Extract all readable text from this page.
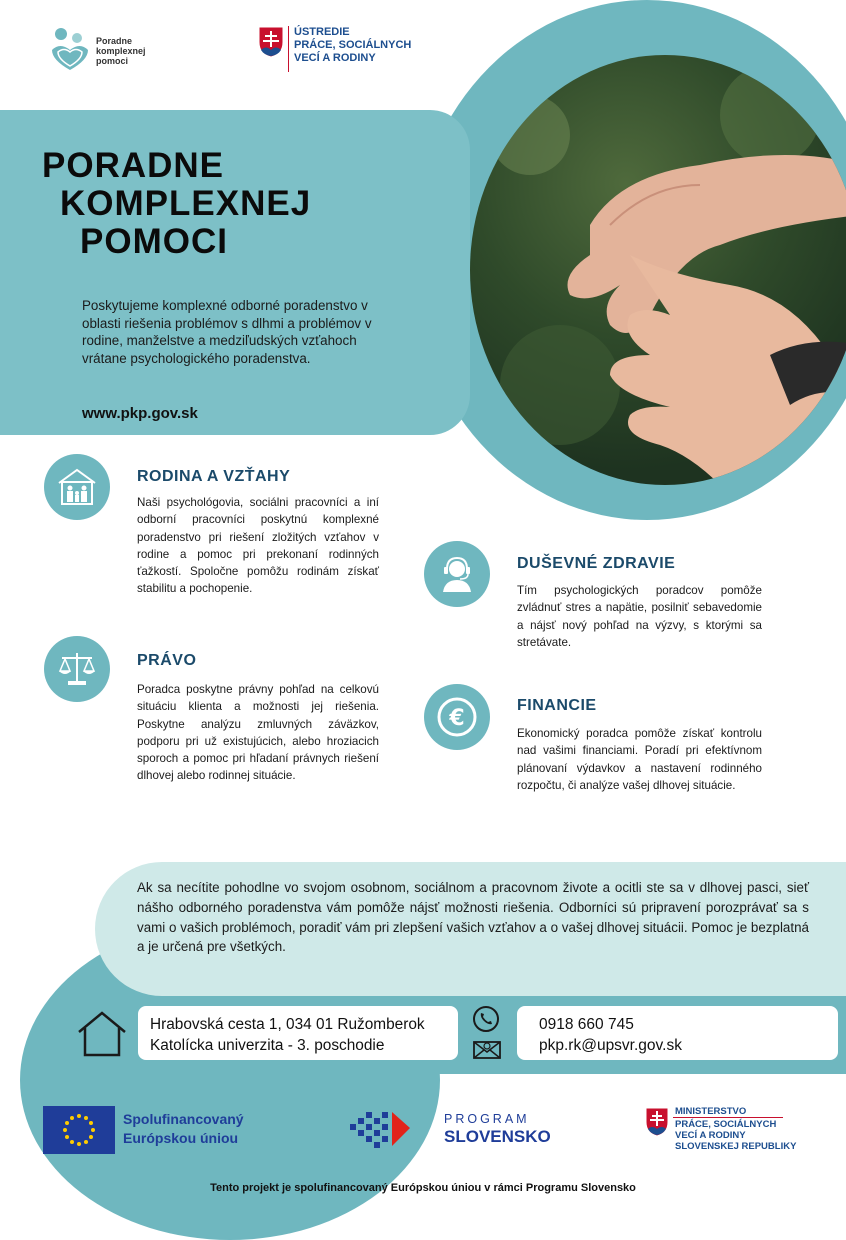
Poradne
komplexnej
pomoci
ÚSTREDIE
PRÁCE, SOCIÁLNYCH
VECÍ A RODINY
PORADNE
KOMPLEXNEJ
POMOCI
Poskytujeme komplexné odborné poradenstvo v oblasti riešenia problémov s dlhmi a problémov v rodine, manželstve a medziľudských vzťahoch vrátane psychologického poradenstva.
www.pkp.gov.sk
RODINA A VZŤAHY
Naši psychológovia, sociálni pracovníci a iní odborní pracovníci poskytnú komplexné poradenstvo pri riešení zložitých vzťahov v rodine a pomoc pri prekonaní rodinných ťažkostí. Spoločne pomôžu rodinám získať stabilitu a pochopenie.
DUŠEVNÉ ZDRAVIE
Tím psychologických poradcov pomôže zvládnuť stres a napätie, posilniť sebavedomie a nájsť nový pohľad na výzvy, s ktorými sa stretávate.
PRÁVO
Poradca poskytne právny pohľad na celkovú situáciu klienta a možnosti jej riešenia. Poskytne analýzu zmluvných záväzkov, podporu pri už existujúcich, alebo hroziacich sporoch a pomoc pri hľadaní právnych riešení dlhovej alebo rodinnej situácie.
€
FINANCIE
Ekonomický poradca pomôže získať kontrolu nad vašimi financiami. Poradí pri efektívnom plánovaní výdavkov a nastavení rodinného rozpočtu, či analýze vašej dlhovej situácie.
Ak sa necítite pohodlne vo svojom osobnom, sociálnom a pracovnom živote a ocitli ste sa v dlhovej pasci, sieť nášho odborného poradenstva vám pomôže nájsť možnosti riešenia. Odborníci sú pripravení porozprávať sa s vami o vašich problémoch, poradiť vám pri zlepšení vašich vzťahov a o vašej dlhovej situácii. Pomoc je bezplatná a je určená pre všetkých.
Hrabovská cesta 1, 034 01 Ružomberok
Katolícka univerzita - 3. poschodie
0918 660 745
pkp.rk@upsvr.gov.sk
Spolufinancovaný
Európskou úniou
PROGRAM
SLOVENSKO
MINISTERSTVO
PRÁCE, SOCIÁLNYCH
VECÍ A RODINY
SLOVENSKEJ REPUBLIKY
Tento projekt je spolufinancovaný Európskou úniou v rámci Programu Slovensko
